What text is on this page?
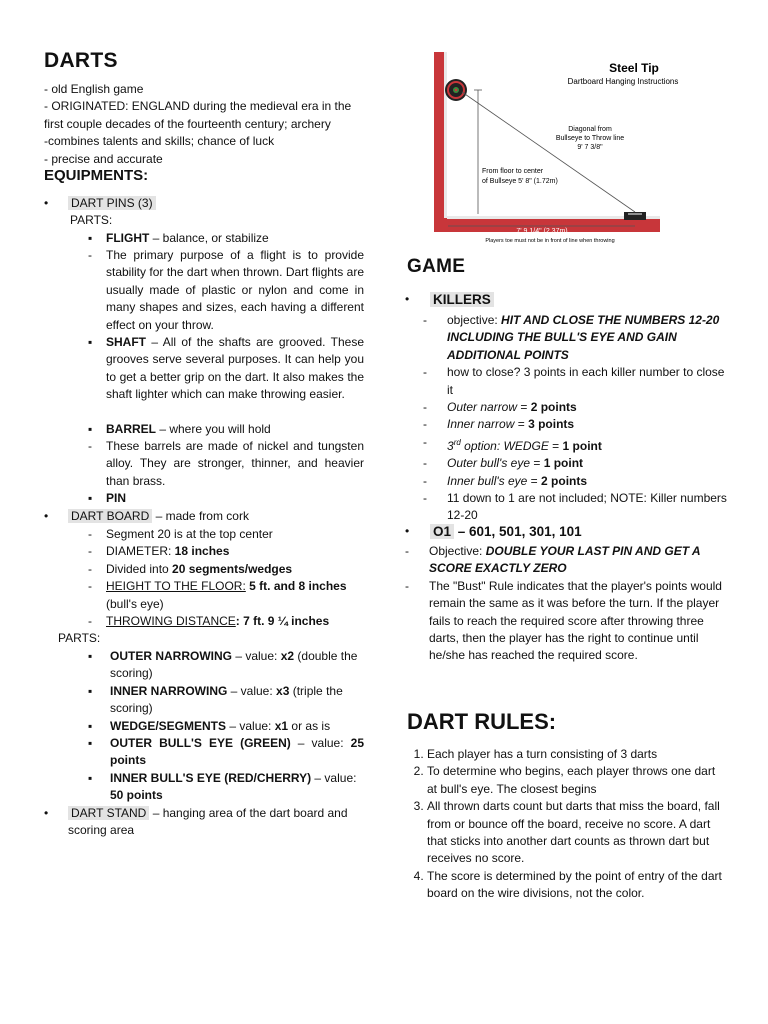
DARTS
- old English game
- ORIGINATED: ENGLAND during the medieval era in the first couple decades of the fourteenth century; archery
-combines talents and skills; chance of luck
- precise and accurate
EQUIPMENTS:
• DART PINS (3)
PARTS:
▪ FLIGHT – balance, or stabilize
The primary purpose of a flight is to provide stability for the dart when thrown. Dart flights are usually made of plastic or nylon and come in many shapes and sizes, each having a different effect on your throw.
-
▪ SHAFT – All of the shafts are grooved. These grooves serve several purposes. It can help you to get a better grip on the dart. It also makes the shaft lighter which can make throwing easier.
▪ BARREL – where you will hold
- These barrels are made of nickel and tungsten alloy. They are stronger, thinner, and heavier than brass.
▪ PIN
• DART BOARD – made from cork
- Segment 20 is at the top center
- DIAMETER: 18 inches
- Divided into 20 segments/wedges
- HEIGHT TO THE FLOOR: 5 ft. and 8 inches
(bull's eye)

- THROWING DISTANCE: 7 ft. 9 ¼ inches
PARTS:
▪ OUTER NARROWING – value: x2 (double the scoring)
▪ INNER NARROWING – value: x3 (triple the scoring)
▪ WEDGE/SEGMENTS – value: x1 or as is
▪ OUTER BULL'S EYE (GREEN) – value: 25 points
▪ INNER BULL'S EYE (RED/CHERRY) – value: 50 points
• DART STAND – hanging area of the dart board and scoring area
Steel Tip
Dartboard Hanging Instructions
Diagonal from
Bullseye to Throw line
9' 7 3/8"
From floor to center
of Bullseye 5' 8" (1.72m)
7' 9 1/4" (2.37m)
Players toe must not be in front of line when throwing
GAME
• KILLERS
- objective: HIT AND CLOSE THE NUMBERS 12-20 INCLUDING THE BULL'S EYE AND GAIN ADDITIONAL POINTS
- how to close? 3 points in each killer number to close it
- Outer narrow = 2 points
- Inner narrow = 3 points
- 3rd option: WEDGE = 1 point
- Outer bull's eye = 1 point
- Inner bull's eye = 2 points
- 11 down to 1 are not included; NOTE: Killer numbers 12-20
• O1 – 601, 501, 301, 101
- Objective: DOUBLE YOUR LAST PIN AND GET A SCORE EXACTLY ZERO
- The "Bust" Rule indicates that the player's points would remain the same as it was before the turn. If the player fails to reach the required score after throwing three darts, then the player has the right to continue until he/she has reached the required score.
DART RULES:
1. Each player has a turn consisting of 3 darts
2. To determine who begins, each player throws one dart at bull's eye. The closest begins
3. All thrown darts count but darts that miss the board, fall from or bounce off the board, receive no score. A dart that sticks into another dart counts as thrown dart but receives no score.
4. The score is determined by the point of entry of the dart board on the wire divisions, not the color.
